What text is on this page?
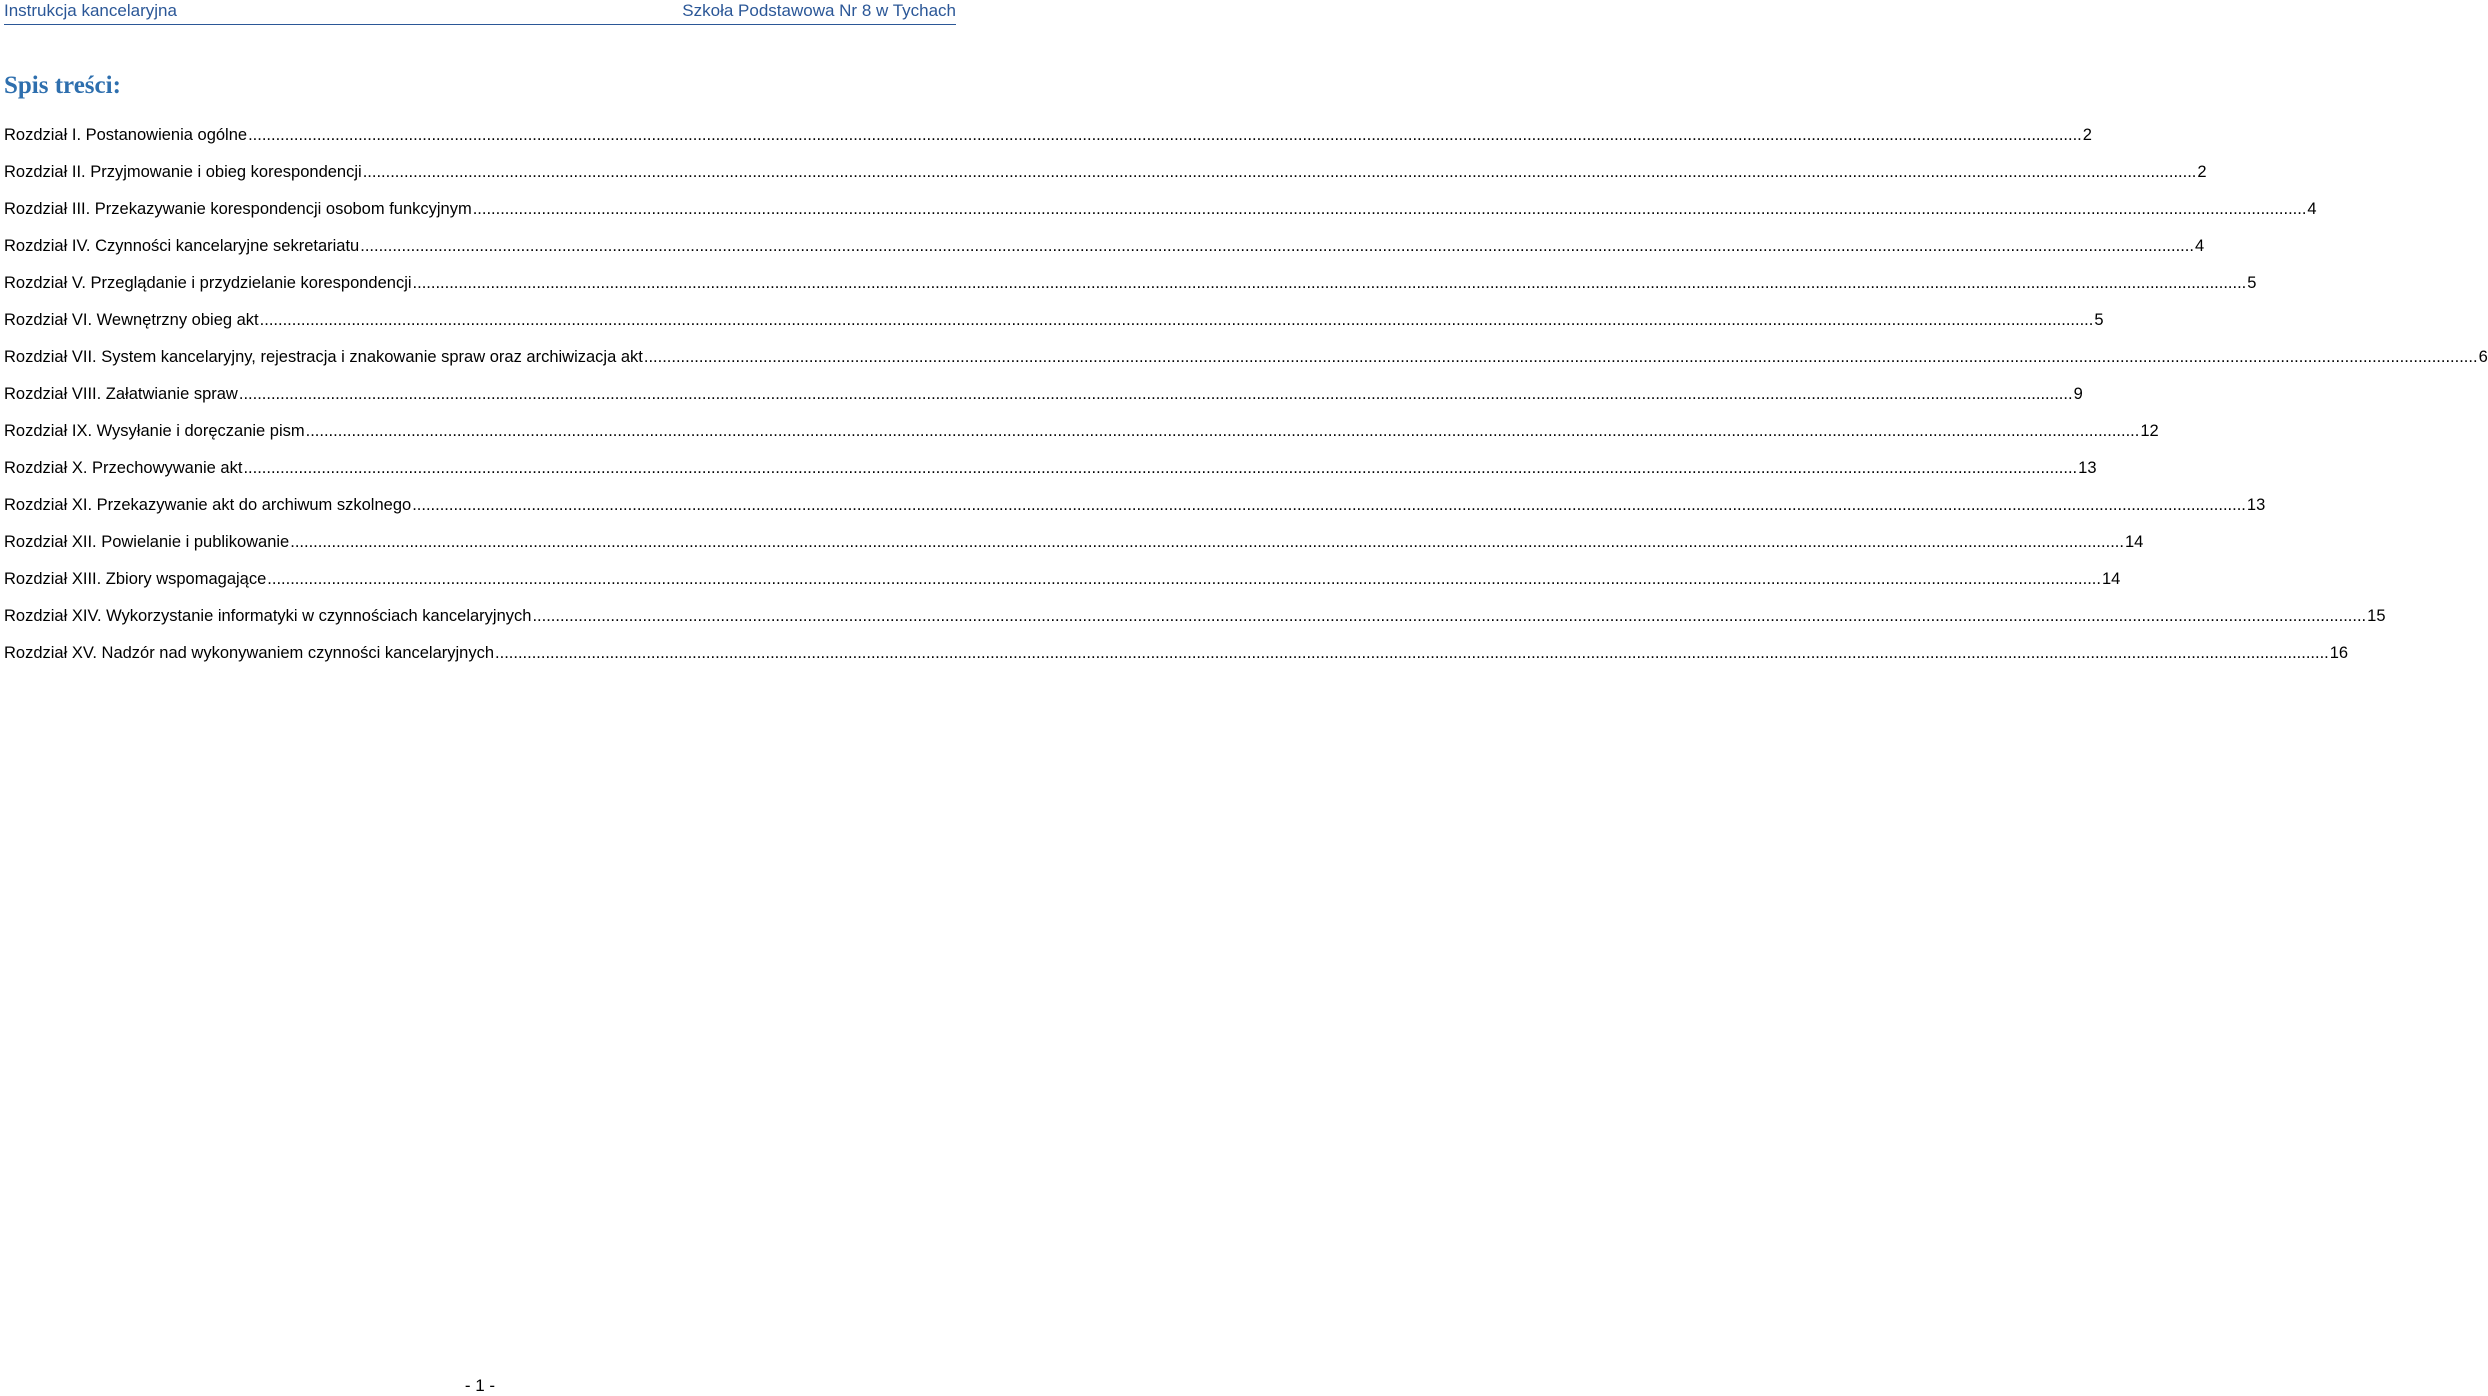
Instrukcja kancelaryjna	Szkoła Podstawowa Nr 8 w Tychach
Spis treści:
Rozdział I. Postanowienia ogólne ................................................................................................................................................................................................................................................................................................................................................................................................................ 2
Rozdział II. Przyjmowanie i obieg korespondencji ................................................................................................................................................................................................................................................................................................................................................................................................................ 2
Rozdział III. Przekazywanie korespondencji osobom funkcyjnym ................................................................................................................................................................................................................................................................................................................................................................................................................ 4
Rozdział IV. Czynności kancelaryjne sekretariatu ................................................................................................................................................................................................................................................................................................................................................................................................................ 4
Rozdział V. Przeglądanie i przydzielanie korespondencji ................................................................................................................................................................................................................................................................................................................................................................................................................ 5
Rozdział VI. Wewnętrzny obieg akt ................................................................................................................................................................................................................................................................................................................................................................................................................ 5
Rozdział VII. System kancelaryjny, rejestracja i znakowanie spraw oraz archiwizacja akt ................................................................................................................................................................................................................................................................................................................................................................................................................ 6
Rozdział VIII. Załatwianie spraw ................................................................................................................................................................................................................................................................................................................................................................................................................ 9
Rozdział IX. Wysyłanie i doręczanie pism ................................................................................................................................................................................................................................................................................................................................................................................................................ 12
Rozdział X. Przechowywanie akt ................................................................................................................................................................................................................................................................................................................................................................................................................ 13
Rozdział XI. Przekazywanie akt do archiwum szkolnego ................................................................................................................................................................................................................................................................................................................................................................................................................ 13
Rozdział XII. Powielanie i publikowanie ................................................................................................................................................................................................................................................................................................................................................................................................................ 14
Rozdział XIII. Zbiory wspomagające ................................................................................................................................................................................................................................................................................................................................................................................................................ 14
Rozdział XIV. Wykorzystanie informatyki w czynnościach kancelaryjnych ................................................................................................................................................................................................................................................................................................................................................................................................................ 15
Rozdział XV. Nadzór nad wykonywaniem czynności kancelaryjnych ................................................................................................................................................................................................................................................................................................................................................................................................................ 16
- 1 -
